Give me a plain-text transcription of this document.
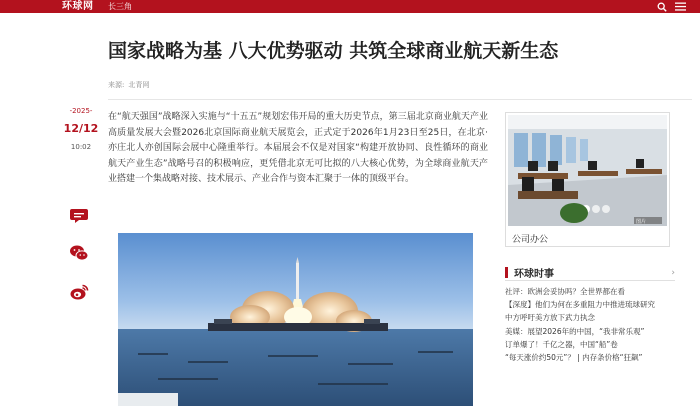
环球网 长三角
国家战略为基 八大优势驱动 共筑全球商业航天新生态
来源: 北青网
-2025-
12/12
10:02

在“航天强国”战略深入实施与“十五五”规划宏伟开局的重大历史节点，第三届北京商业航天产业高质量发展大会暨2026北京国际商业航天展览会，正式定于2026年1月23日至25日，在北京·亦庄北人亦创国际会展中心隆重举行。本届展会不仅是对国家“构建开放协同、良性循环的商业航天产业生态”战略号召的积极响应，更凭借北京无可比拟的八大核心优势，为全球商业航天产业搭建一个集战略对接、技术展示、产业合作与资本汇聚于一体的顶级平台。

图片
公司办公
环球时事	›
社评：欧洲会妥协吗？全世界都在看
【深度】他们为何在多重阻力中推进琉球研究
中方呼吁美方放下武力执念
美媒：展望2026年的中国，“我非常乐观”
订单爆了！千亿之器，中国“船”卷
“每天涨价约50元”？ | 内存条价格“狂飙”
